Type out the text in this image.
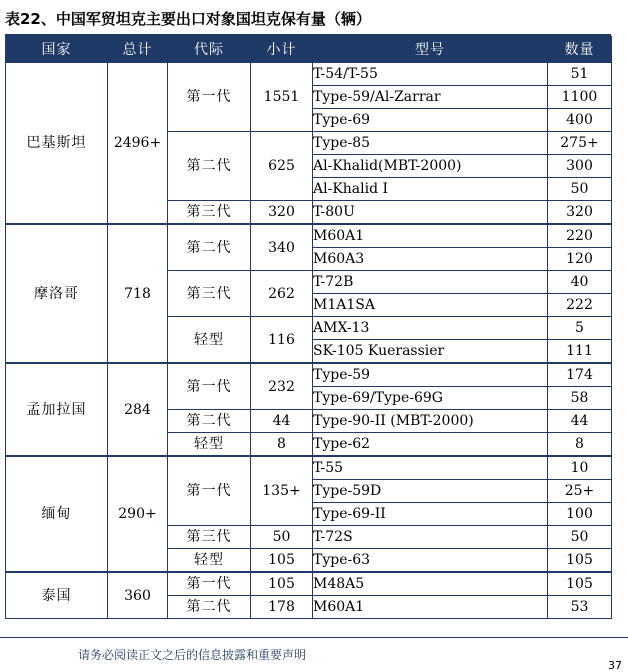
表22、中国军贸坦克主要出口对象国坦克保有量（辆）
国家	总计	代际	小计	型号	数量
巴基斯坦	2496+	第一代	1551	T-54/T-55	51
				Type-59/Al-Zarrar	1100
				Type-69	400
		第二代	625	Type-85	275+
				Al-Khalid(MBT-2000)	300
				Al-Khalid I	50
		第三代	320	T-80U	320
摩洛哥	718	第二代	340	M60A1	220
				M60A3	120
		第三代	262	T-72B	40
				M1A1SA	222
		轻型	116	AMX-13	5
				SK-105 Kuerassier	111
孟加拉国	284	第一代	232	Type-59	174
				Type-69/Type-69G	58
		第二代	44	Type-90-II (MBT-2000)	44
		轻型	8	Type-62	8
缅甸	290+	第一代	135+	T-55	10
				Type-59D	25+
				Type-69-II	100
		第三代	50	T-72S	50
		轻型	105	Type-63	105
泰国	360	第一代	105	M48A5	105
		第二代	178	M60A1	53
请务必阅读正文之后的信息披露和重要声明
37
